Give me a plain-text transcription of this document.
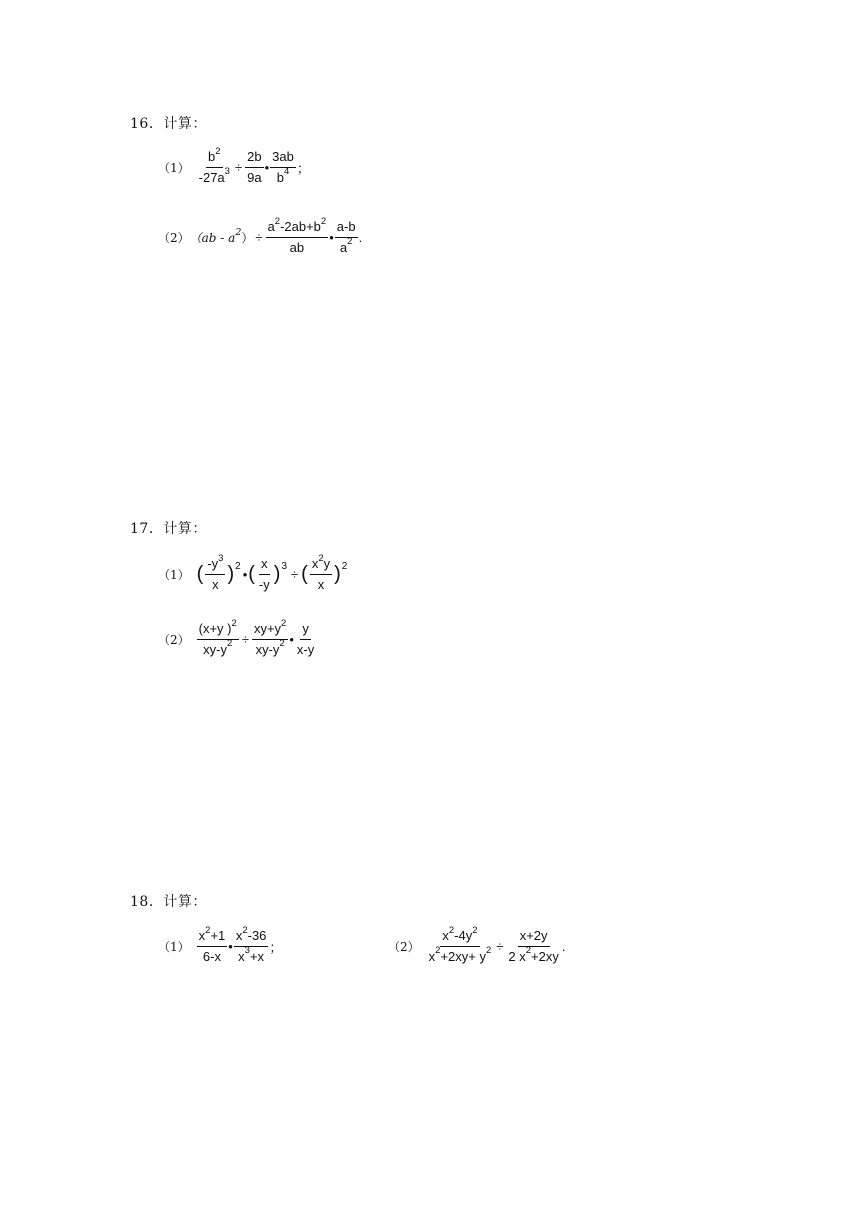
16．计算：
$(1) \frac{b^2}{-27a^3} \div \frac{2b}{9a}$ • $\frac{3ab}{b^4}$ ；
（2） $(ab - a^2) \div \frac{a^2-2ab+b^2}{ab}$ • $\frac{a-b}{a^2}$ .
17．计算：
（1） ( $\frac{-y^3}{x}$ ) 2
• ( $\frac{x}{-y}$ ) 3
÷ ( $\frac{x^2y}{x}$ ) 2
$(2) \frac{(x+y )^2}{xy-y^2} \div \frac{xy+y^2}{xy-y^2}$ • $\frac{y}{x-y}$
18．计算：
$(1) \frac{x^2+1}{6-x}$ • $\frac{x^2-36}{x^3+x}$ ；	$(2) \frac{x^2-4y^2}{x^2+2xy+ y^2} \div \frac{x+2y}{2 x^2+2xy}$ .
